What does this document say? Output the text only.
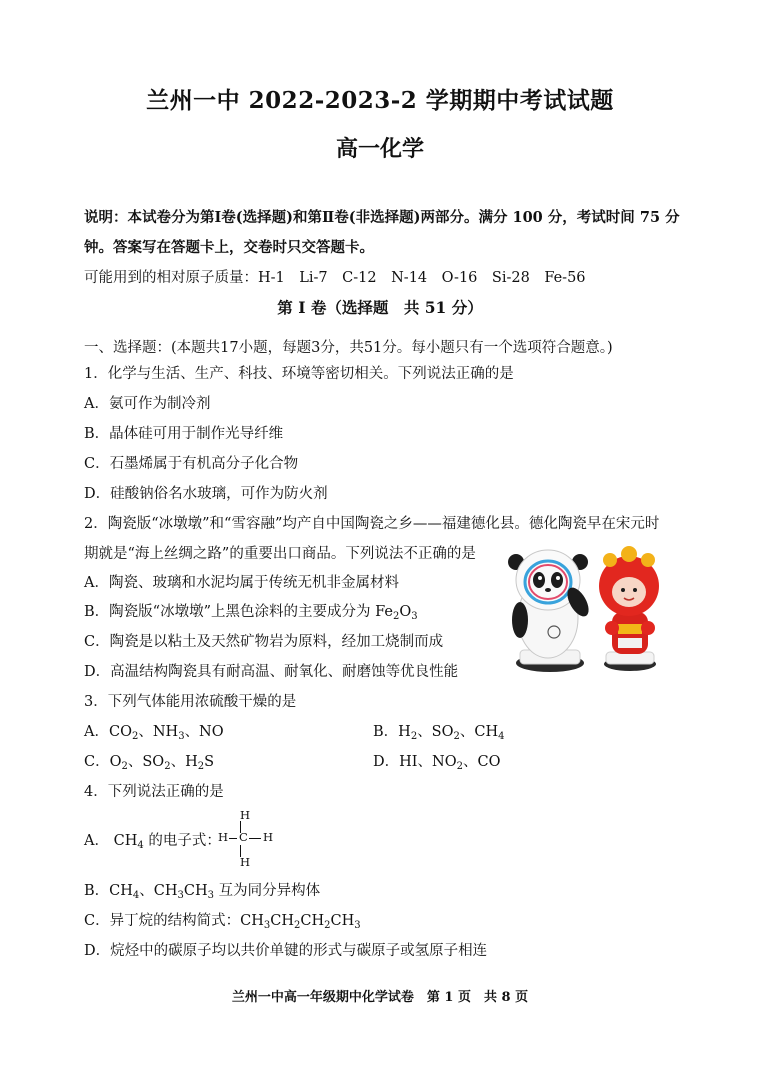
兰州一中 2022-2023-2 学期期中考试试题
高一化学
说明：本试卷分为第Ⅰ卷(选择题)和第Ⅱ卷(非选择题)两部分。满分 100 分，考试时间 75 分
钟。答案写在答题卡上，交卷时只交答题卡。
可能用到的相对原子质量：H-1　Li-7　C-12　N-14　O-16　Si-28　Fe-56
第 I 卷（选择题　共 51 分）
一、选择题：(本题共17小题，每题3分，共51分。每小题只有一个选项符合题意。)
1．化学与生活、生产、科技、环境等密切相关。下列说法正确的是
A．氨可作为制冷剂
B．晶体硅可用于制作光导纤维
C．石墨烯属于有机高分子化合物
D．硅酸钠俗名水玻璃，可作为防火剂
2．陶瓷版“冰墩墩”和“雪容融”均产自中国陶瓷之乡——福建德化县。德化陶瓷早在宋元时
期就是“海上丝绸之路”的重要出口商品。下列说法不正确的是
A．陶瓷、玻璃和水泥均属于传统无机非金属材料
B．陶瓷版“冰墩墩”上黑色涂料的主要成分为 $Fe_2O_3$
C．陶瓷是以粘土及天然矿物岩为原料，经加工烧制而成
D．高温结构陶瓷具有耐高温、耐氧化、耐磨蚀等优良性能
3．下列气体能用浓硫酸干燥的是
A．$CO_2$、$NH_3$、NO	B．$H_2$、$SO_2$、$CH_4$
C．$O_2$、$SO_2$、$H_2S$	D．HI、$NO_2$、CO
4．下列说法正确的是
A． $CH_4$ 的电子式：
H
H C H
H
B．$CH_4$、$CH_3CH_3$ 互为同分异构体
C．异丁烷的结构简式：$CH_3CH_2CH_2CH_3$
D．烷烃中的碳原子均以共价单键的形式与碳原子或氢原子相连
兰州一中高一年级期中化学试卷　第 1 页　共 8 页
